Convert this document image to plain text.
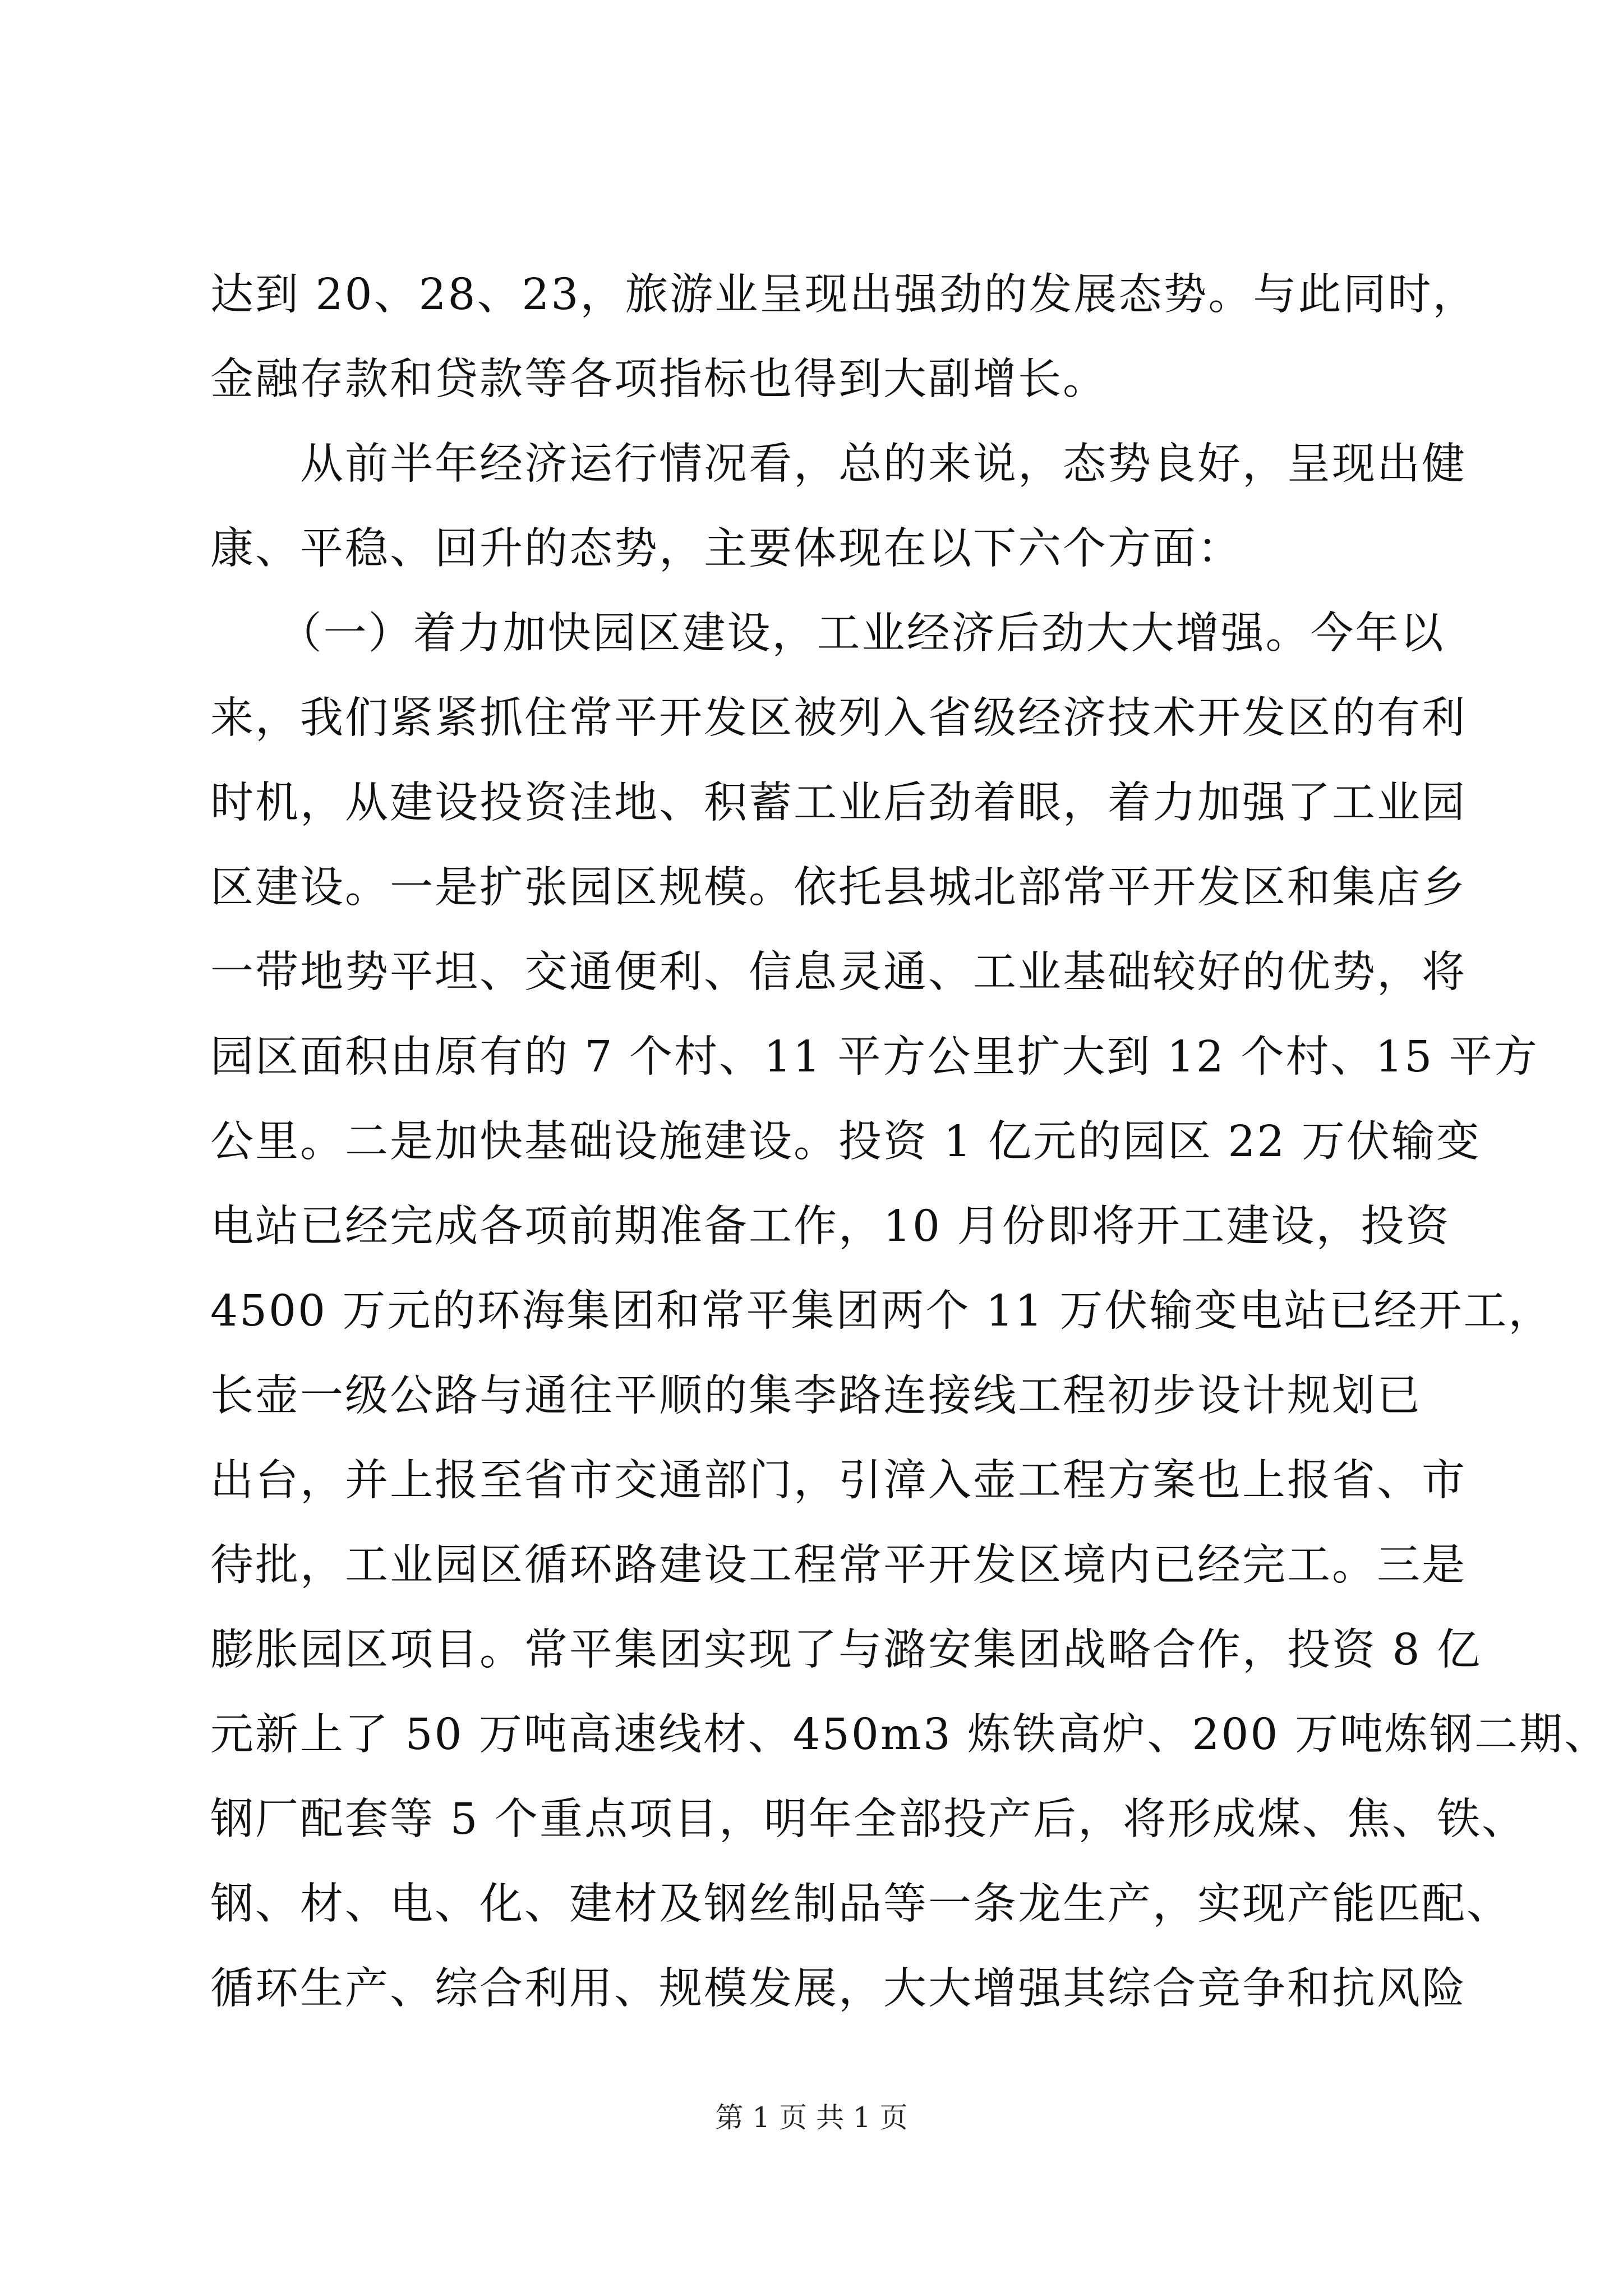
达到 20、28、23，旅游业呈现出强劲的发展态势。与此同时，
金融存款和贷款等各项指标也得到大副增长。
　　从前半年经济运行情况看，总的来说，态势良好，呈现出健
康、平稳、回升的态势，主要体现在以下六个方面：
　　（一）着力加快园区建设，工业经济后劲大大增强。今年以
来，我们紧紧抓住常平开发区被列入省级经济技术开发区的有利
时机，从建设投资洼地、积蓄工业后劲着眼，着力加强了工业园
区建设。一是扩张园区规模。依托县城北部常平开发区和集店乡
一带地势平坦、交通便利、信息灵通、工业基础较好的优势，将
园区面积由原有的 7 个村、11 平方公里扩大到 12 个村、15 平方
公里。二是加快基础设施建设。投资 1 亿元的园区 22 万伏输变
电站已经完成各项前期准备工作，10 月份即将开工建设，投资
4500 万元的环海集团和常平集团两个 11 万伏输变电站已经开工，
长壶一级公路与通往平顺的集李路连接线工程初步设计规划已
出台，并上报至省市交通部门，引漳入壶工程方案也上报省、市
待批，工业园区循环路建设工程常平开发区境内已经完工。三是
膨胀园区项目。常平集团实现了与潞安集团战略合作，投资 8 亿
元新上了 50 万吨高速线材、450m3 炼铁高炉、200 万吨炼钢二期、
钢厂配套等 5 个重点项目，明年全部投产后，将形成煤、焦、铁、
钢、材、电、化、建材及钢丝制品等一条龙生产，实现产能匹配、
循环生产、综合利用、规模发展，大大增强其综合竞争和抗风险
第 1 页 共 1 页
